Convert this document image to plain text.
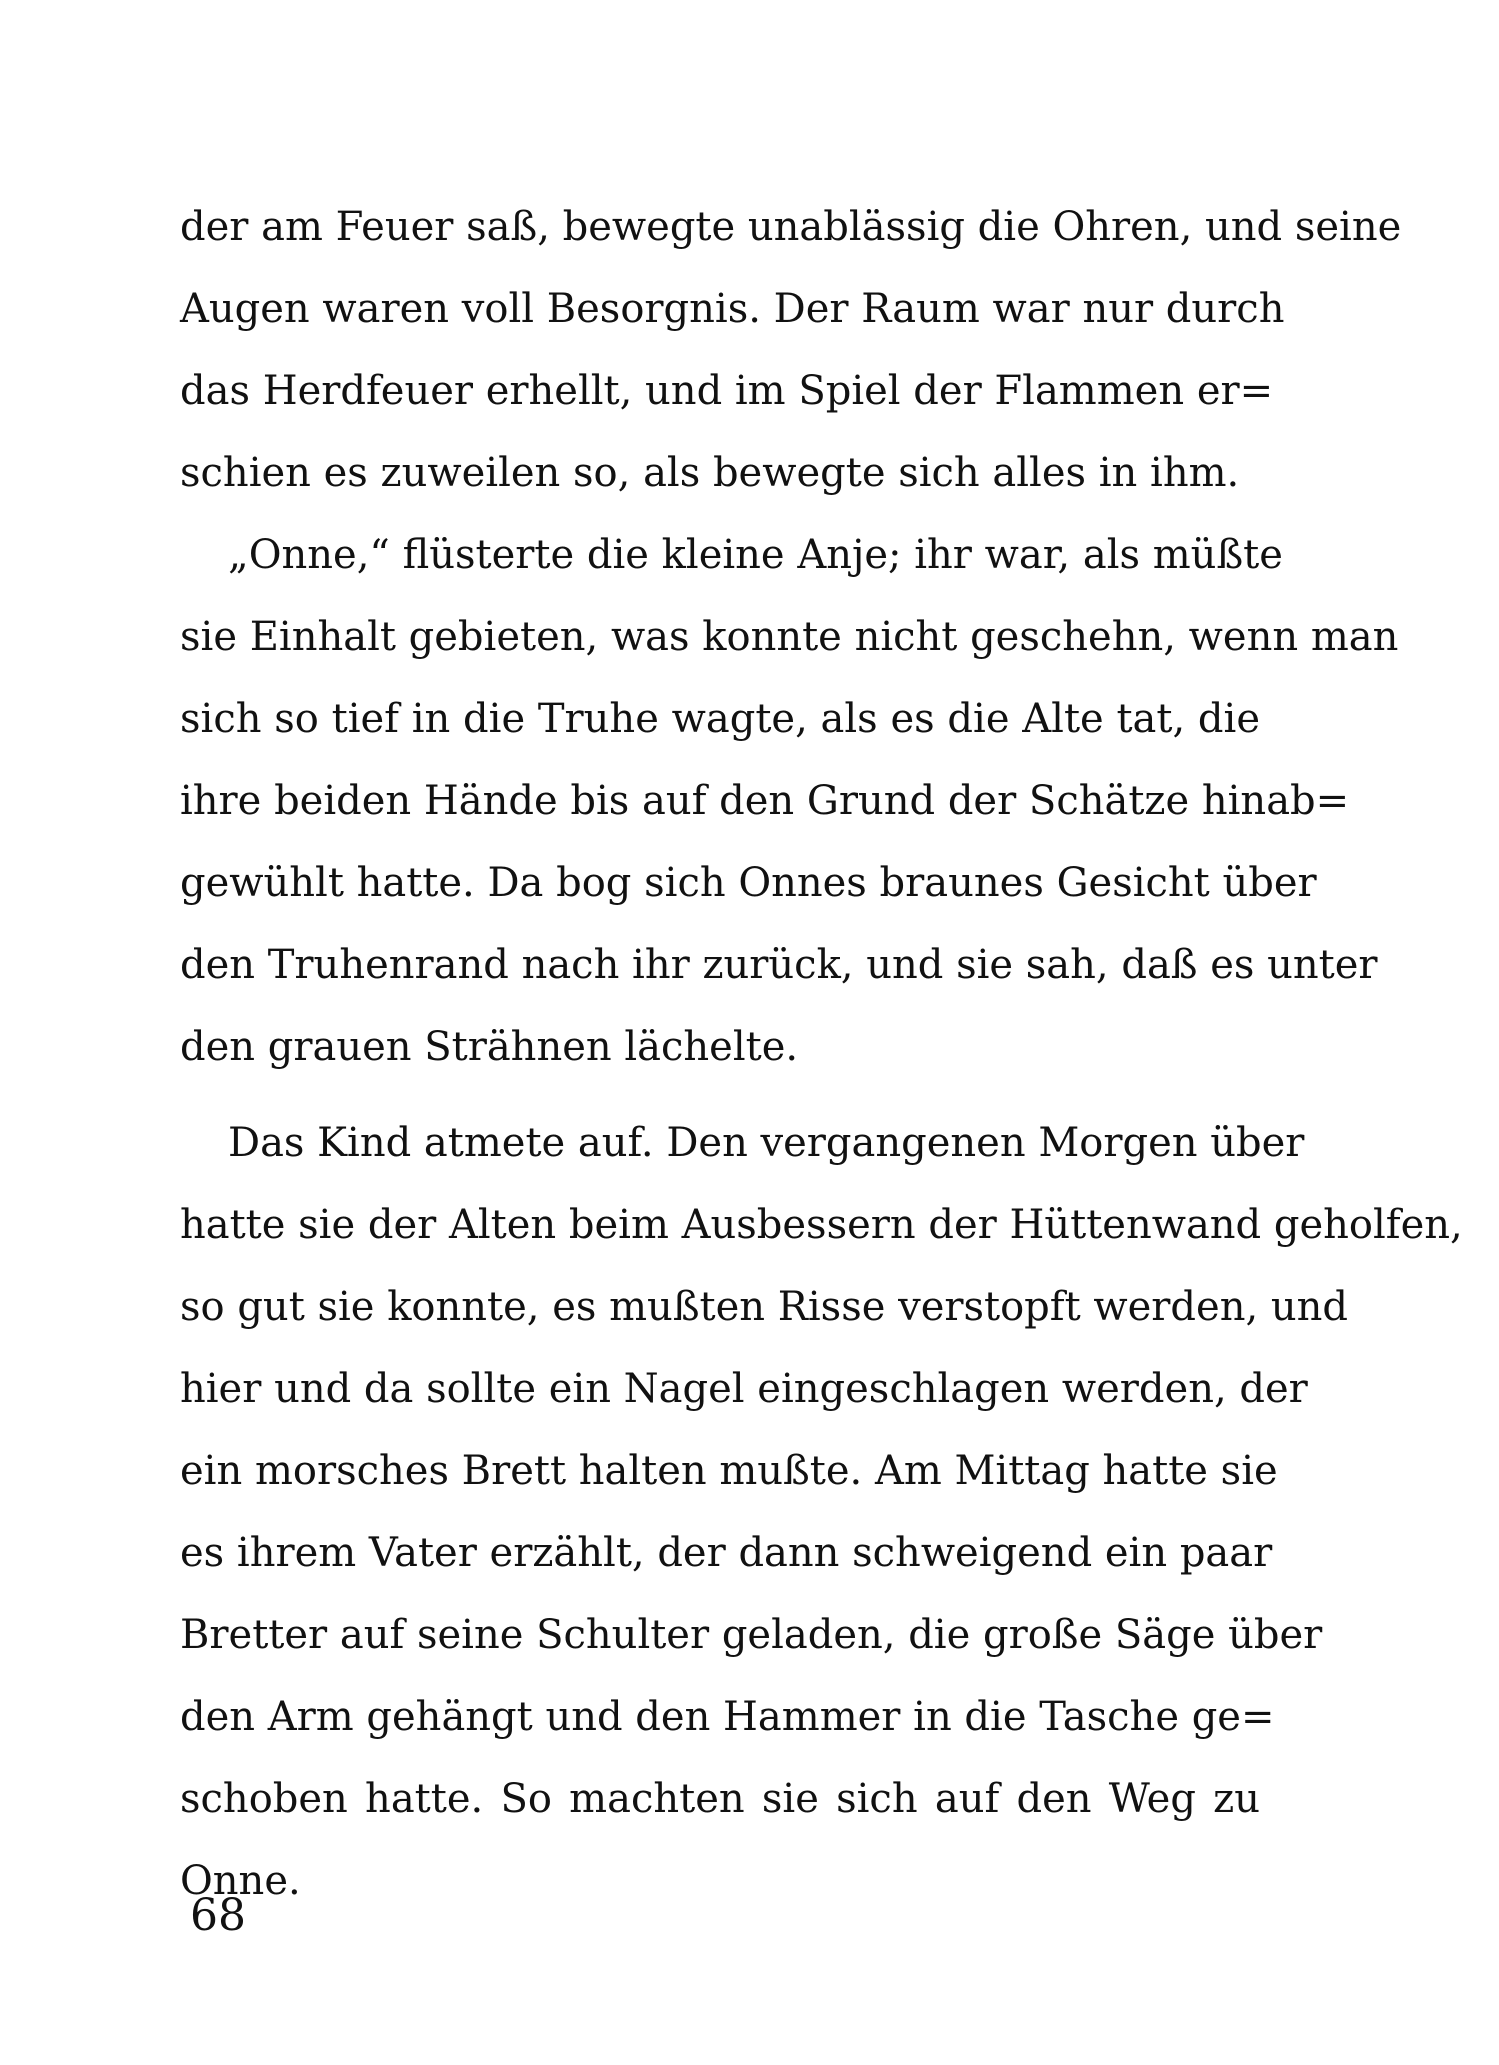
der am Feuer saß, bewegte unablässig die Ohren, und seine
Augen waren voll Besorgnis. Der Raum war nur durch
das Herdfeuer erhellt, und im Spiel der Flammen er=
schien es zuweilen so, als bewegte sich alles in ihm.
„Onne,“ flüsterte die kleine Anje; ihr war, als müßte
sie Einhalt gebieten, was konnte nicht geschehn, wenn man
sich so tief in die Truhe wagte, als es die Alte tat, die
ihre beiden Hände bis auf den Grund der Schätze hinab=
gewühlt hatte. Da bog sich Onnes braunes Gesicht über
den Truhenrand nach ihr zurück, und sie sah, daß es unter
den grauen Strähnen lächelte.
Das Kind atmete auf. Den vergangenen Morgen über
hatte sie der Alten beim Ausbessern der Hüttenwand geholfen,
so gut sie konnte, es mußten Risse verstopft werden, und
hier und da sollte ein Nagel eingeschlagen werden, der
ein morsches Brett halten mußte. Am Mittag hatte sie
es ihrem Vater erzählt, der dann schweigend ein paar
Bretter auf seine Schulter geladen, die große Säge über
den Arm gehängt und den Hammer in die Tasche ge=
schoben hatte. So machten sie sich auf den Weg zu
Onne.
68
